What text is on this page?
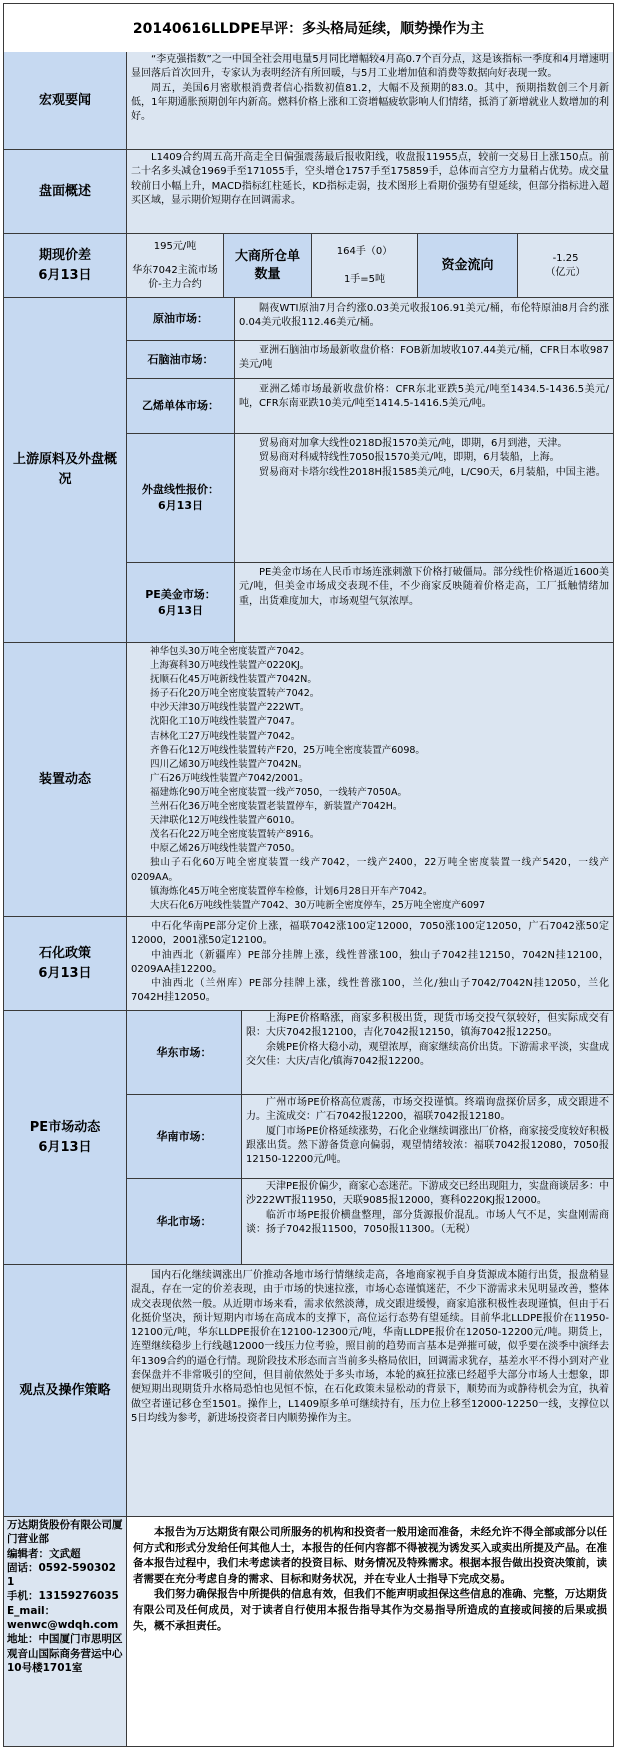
20140616LLDPE早评：多头格局延续，顺势操作为主
宏观要闻

“李克强指数”之一中国全社会用电量5月同比增幅较4月高0.7个百分点，这是该指标一季度和4月增速明显回落后首次回升，专家认为表明经济有所回暖，与5月工业增加值和消费等数据向好表现一致。

周五，美国6月密歇根消费者信心指数初值81.2，大幅不及预期的83.0。其中，预期指数创三个月新低，1年期通胀预期创年内新高。燃料价格上涨和工资增幅疲软影响人们情绪，抵消了新增就业人数增加的利好。

盘面概述

L1409合约周五高开高走全日偏强震荡最后报收阳线，收盘报11955点，较前一交易日上涨150点。前二十名多头减仓1969手至171055手，空头增仓1757手至175859手，总体而言空方力量稍占优势。成交量较前日小幅上升，MACD指标红柱延长，KD指标走弱，技术图形上看期价强势有望延续，但部分指标进入超买区域，显示期价短期存在回调需求。

期现价差
6月13日
195元/吨
华东7042主流市场价-主力合约
大商所仓单
数量
164手（0）
1手=5吨
资金流向	-1.25
（亿元）
上游原料及外盘概况
原油市场：

隔夜WTI原油7月合约涨0.03美元收报106.91美元/桶，布伦特原油8月合约涨0.04美元收报112.46美元/桶。

石脑油市场：

亚洲石脑油市场最新收盘价格：FOB新加坡收107.44美元/桶，CFR日本收987美元/吨

乙烯单体市场：

亚洲乙烯市场最新收盘价格：CFR东北亚跌5美元/吨至1434.5-1436.5美元/吨，CFR东南亚跌10美元/吨至1414.5-1416.5美元/吨。

外盘线性报价：
6月13日

贸易商对加拿大线性0218D报1570美元/吨，即期，6月到港，天津。

贸易商对科威特线性7050报1570美元/吨，即期，6月装船，上海。

贸易商对卡塔尔线性2018H报1585美元/吨，L/C90天，6月装船，中国主港。

PE美金市场：
6月13日

PE美金市场在人民币市场连涨刺激下价格打破僵局。部分线性价格逼近1600美元/吨，但美金市场成交表现不佳，不少商家反映随着价格走高，工厂抵触情绪加重，出货难度加大，市场观望气氛浓厚。

装置动态

神华包头30万吨全密度装置产7042。

上海赛科30万吨线性装置产0220KJ。

抚顺石化45万吨新线性装置产7042N。

扬子石化20万吨全密度装置转产7042。

中沙天津30万吨线性装置产222WT。

沈阳化工10万吨线性装置产7047。

吉林化工27万吨线性装置产7042。

齐鲁石化12万吨线性装置转产F20，25万吨全密度装置产6098。

四川乙烯30万吨线性装置产7042N。

广石26万吨线性装置产7042/2001。

福建炼化90万吨全密度装置一线产7050，一线转产7050A。

兰州石化36万吨全密度装置老装置停车，新装置产7042H。

天津联化12万吨线性装置产6010。

茂名石化22万吨全密度装置转产8916。

中原乙烯26万吨线性装置产7050。

独山子石化60万吨全密度装置一线产7042，一线产2400，22万吨全密度装置一线产5420，一线产0209AA。

镇海炼化45万吨全密度装置停车检修，计划6月28日开车产7042。

大庆石化6万吨线性装置产7042、30万吨新全密度停车，25万吨全密度产6097

石化政策
6月13日

中石化华南PE部分定价上涨，福联7042涨100定12000，7050涨100定12050，广石7042涨50定12000，2001涨50定12100。

中油西北（新疆库）PE部分挂牌上涨，线性普涨100，独山子7042挂12150，7042N挂12100，0209AA挂12200。

中油西北（兰州库）PE部分挂牌上涨，线性普涨100，兰化/独山子7042/7042N挂12050，兰化7042H挂12050。

PE市场动态
6月13日
华东市场：

上海PE价格略涨，商家多积极出货，现货市场交投气氛较好，但实际成交有限：大庆7042报12100，吉化7042报12150，镇海7042报12250。

余姚PE价格大稳小动，观望浓厚，商家继续高价出货。下游需求平淡，实盘成交欠佳：大庆/吉化/镇海7042报12200。

华南市场：

广州市场PE价格高位震荡，市场交投谨慎。终端询盘探价居多，成交跟进不力。主流成交：广石7042报12200，福联7042报12180。

厦门市场PE价格延续涨势，石化企业继续调涨出厂价格，商家接受度较好积极跟涨出货。然下游备货意向偏弱，观望情绪较浓：福联7042报12080，7050报12150-12200元/吨。

华北市场：

天津PE报价偏少，商家心态迷茫。下游成交已经出现阻力，实盘商谈居多：中沙222WT报11950，天联9085报12000，赛科0220KJ报12000。

临沂市场PE报价横盘整理，部分货源报价混乱。市场人气不足，实盘刚需商谈：扬子7042报11500，7050报11300。（无税）

观点及操作策略

国内石化继续调涨出厂价推动各地市场行情继续走高，各地商家视手自身货源成本随行出货，报盘稍显混乱，存在一定的价差表现，由于市场的快速拉涨，市场心态谨慎迷茫，不少下游需求未见明显改善，整体成交表现依然一般。从近期市场来看，需求依然淡薄，成交跟进缓慢，商家追涨积极性表现谨慎，但由于石化挺价坚决，预计短期内市场在高成本的支撑下，高位运行态势有望延续。目前华北LLDPE报价在11950-12100元/吨，华东LLDPE报价在12100-12300元/吨，华南LLDPE报价在12050-12200元/吨。期货上，连塑继续稳步上行线越12000一线压力位考验，照目前的趋势而言基本是弹摧可破，似乎要在淡季中演绎去年1309合约的逼仓行情。现阶段技术形态而言当前多头格局依旧，回调需求犹存，基差水平不得小到对产业套保盘并不非常吸引的空间，但目前依然处于多头市场，本轮的疯狂拉涨已经超乎大部分市场人士想象，即便短期出现期货升水格局恐怕也见恒不惊，在石化政策未显松动的背景下，顺势而为或静待机会为宜，执着做空者谨记移仓至1501。操作上，L1409原多单可继续持有，压力位上移至12000-12250一线，支撑位以5日均线为参考，新进场投资者日内顺势操作为主。

万达期货股份有限公司厦门营业部
编辑者：文武超
固话：0592-5903021
手机：13159276035
E_mail：
wenwc@wdqh.com
地址：中国厦门市思明区观音山国际商务营运中心10号楼1701室

本报告为万达期货有限公司所服务的机构和投资者一般用途而准备，未经允许不得全部或部分以任何方式和形式分发给任何其他人士，本报告的任何内容都不得被视为诱发买入或卖出所提及产品。在准备本报告过程中，我们未考虑读者的投资目标、财务情况及特殊需求。根据本报告做出投资决策前，读者需要在充分考虑自身的需求、目标和财务状况，并在专业人士指导下完成交易。

我们努力确保报告中所提供的信息有效，但我们不能声明或担保这些信息的准确、完整，万达期货有限公司及任何成员，对于读者自行使用本报告指导其作为交易指导所造成的直接或间接的后果或损失，概不承担责任。
